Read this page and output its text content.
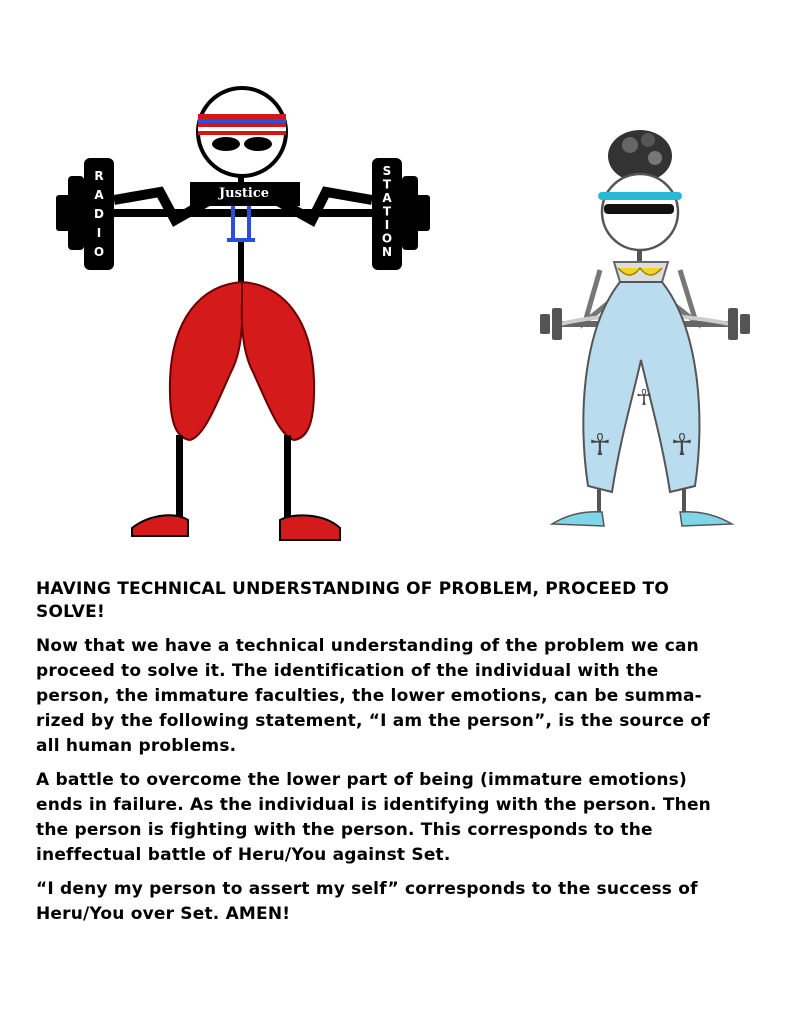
R
A
D
I
O
S
T
A
T
I
O
N
Justice
☥ ☥
☥

HAVING TECHNICAL UNDERSTANDING OF PROBLEM, PROCEED TO SOLVE!

Now that we have a technical understanding of the problem we can proceed to solve it. The identification of the individual with the person, the immature faculties, the lower emotions, can be summa-rized by the following statement, “I am the person”, is the source of all human problems.

A battle to overcome the lower part of being (immature emotions) ends in failure. As the individual is identifying with the person. Then the person is fighting with the person. This corresponds to the ineffectual battle of Heru/You against Set.

“I deny my person to assert my self” corresponds to the success of Heru/You over Set. AMEN!
